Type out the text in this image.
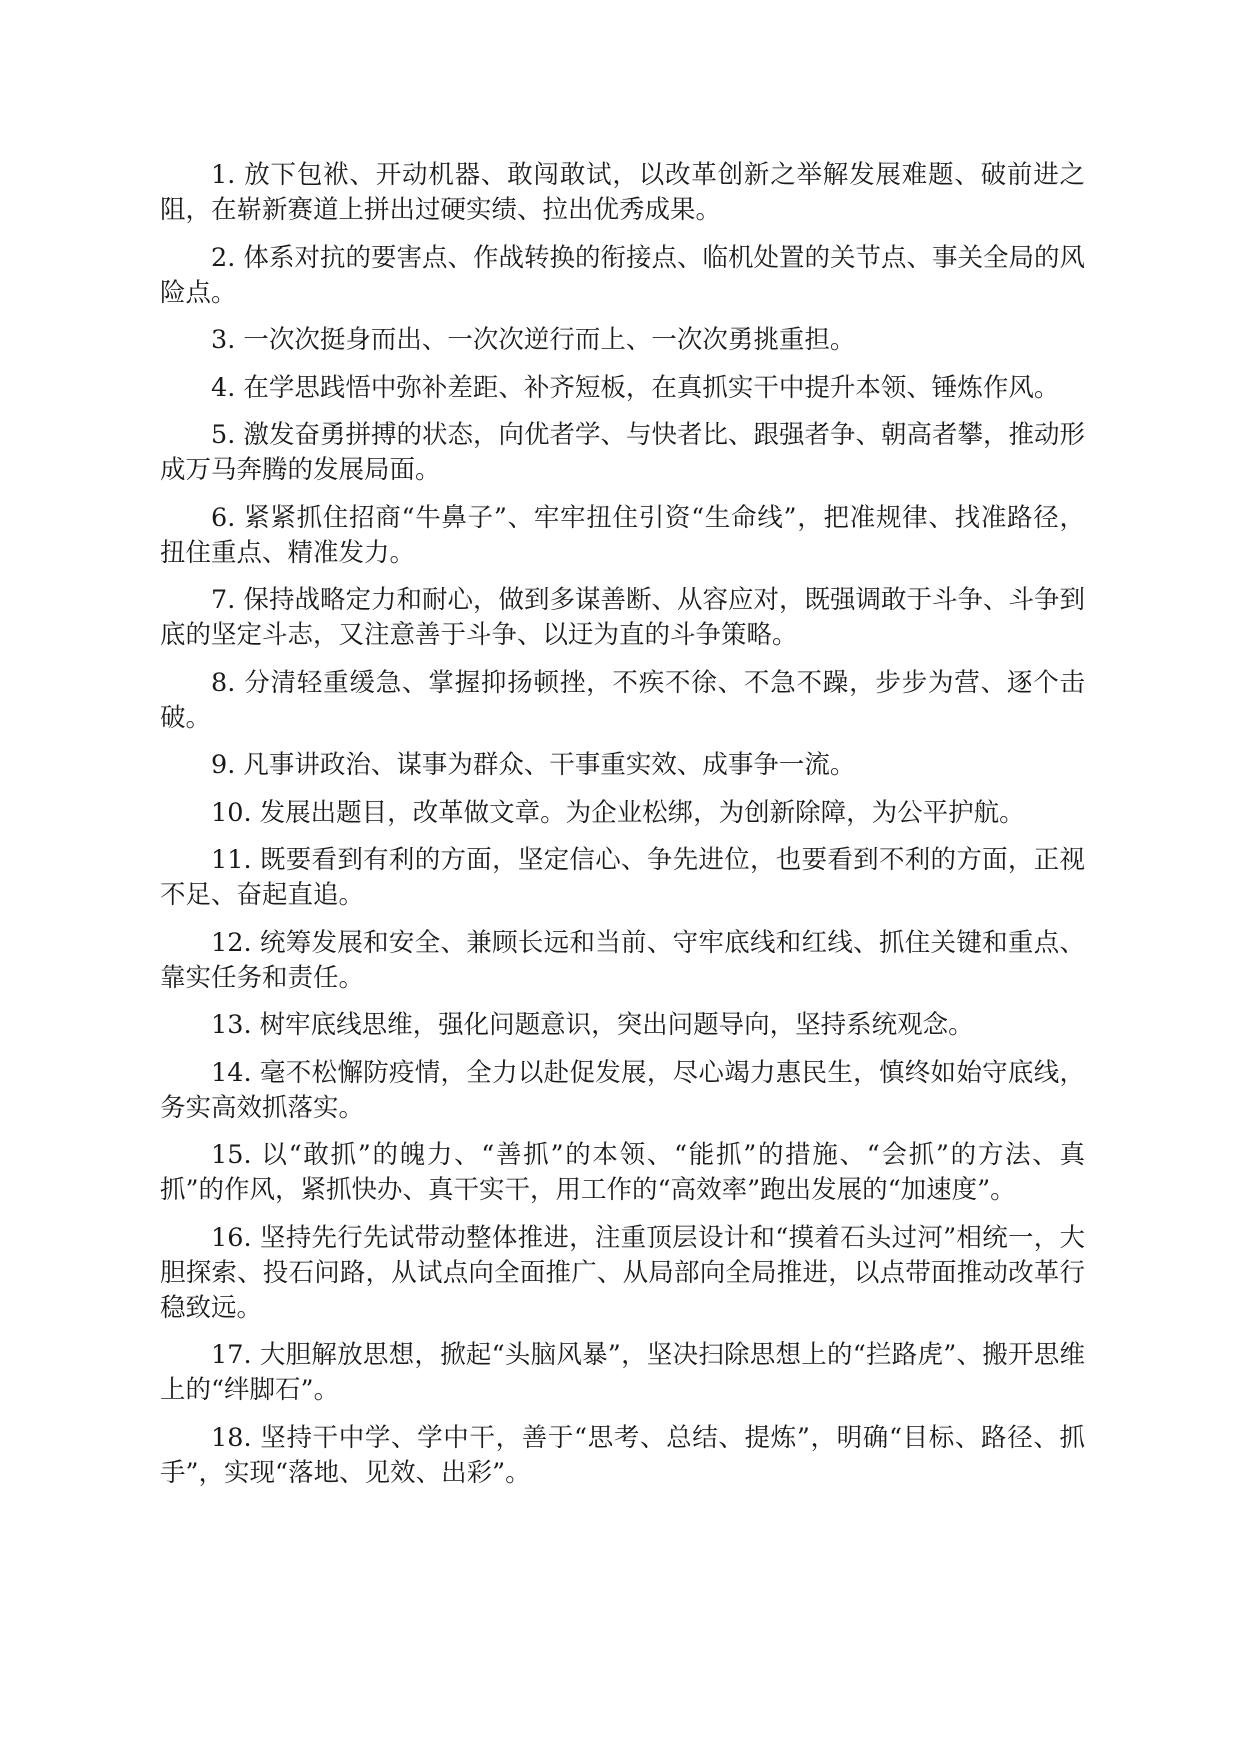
1. 放下包袱、开动机器、敢闯敢试，以改革创新之举解发展难题、破前进之阻，在崭新赛道上拼出过硬实绩、拉出优秀成果。

2. 体系对抗的要害点、作战转换的衔接点、临机处置的关节点、事关全局的风险点。

3. 一次次挺身而出、一次次逆行而上、一次次勇挑重担。

4. 在学思践悟中弥补差距、补齐短板，在真抓实干中提升本领、锤炼作风。

5. 激发奋勇拼搏的状态，向优者学、与快者比、跟强者争、朝高者攀，推动形成万马奔腾的发展局面。

6. 紧紧抓住招商“牛鼻子”、牢牢扭住引资“生命线”，把准规律、找准路径，扭住重点、精准发力。

7. 保持战略定力和耐心，做到多谋善断、从容应对，既强调敢于斗争、斗争到底的坚定斗志，又注意善于斗争、以迂为直的斗争策略。

8. 分清轻重缓急、掌握抑扬顿挫，不疾不徐、不急不躁，步步为营、逐个击破。

9. 凡事讲政治、谋事为群众、干事重实效、成事争一流。

10. 发展出题目，改革做文章。为企业松绑，为创新除障，为公平护航。

11. 既要看到有利的方面，坚定信心、争先进位，也要看到不利的方面，正视不足、奋起直追。

12. 统筹发展和安全、兼顾长远和当前、守牢底线和红线、抓住关键和重点、靠实任务和责任。

13. 树牢底线思维，强化问题意识，突出问题导向，坚持系统观念。

14. 毫不松懈防疫情，全力以赴促发展，尽心竭力惠民生，慎终如始守底线，务实高效抓落实。

15. 以“敢抓”的魄力、“善抓”的本领、“能抓”的措施、“会抓”的方法、真抓”的作风，紧抓快办、真干实干，用工作的“高效率”跑出发展的“加速度”。

16. 坚持先行先试带动整体推进，注重顶层设计和“摸着石头过河”相统一，大胆探索、投石问路，从试点向全面推广、从局部向全局推进，以点带面推动改革行稳致远。

17. 大胆解放思想，掀起“头脑风暴”，坚决扫除思想上的“拦路虎”、搬开思维上的“绊脚石”。

18. 坚持干中学、学中干，善于“思考、总结、提炼”，明确“目标、路径、抓手”，实现“落地、见效、出彩”。
